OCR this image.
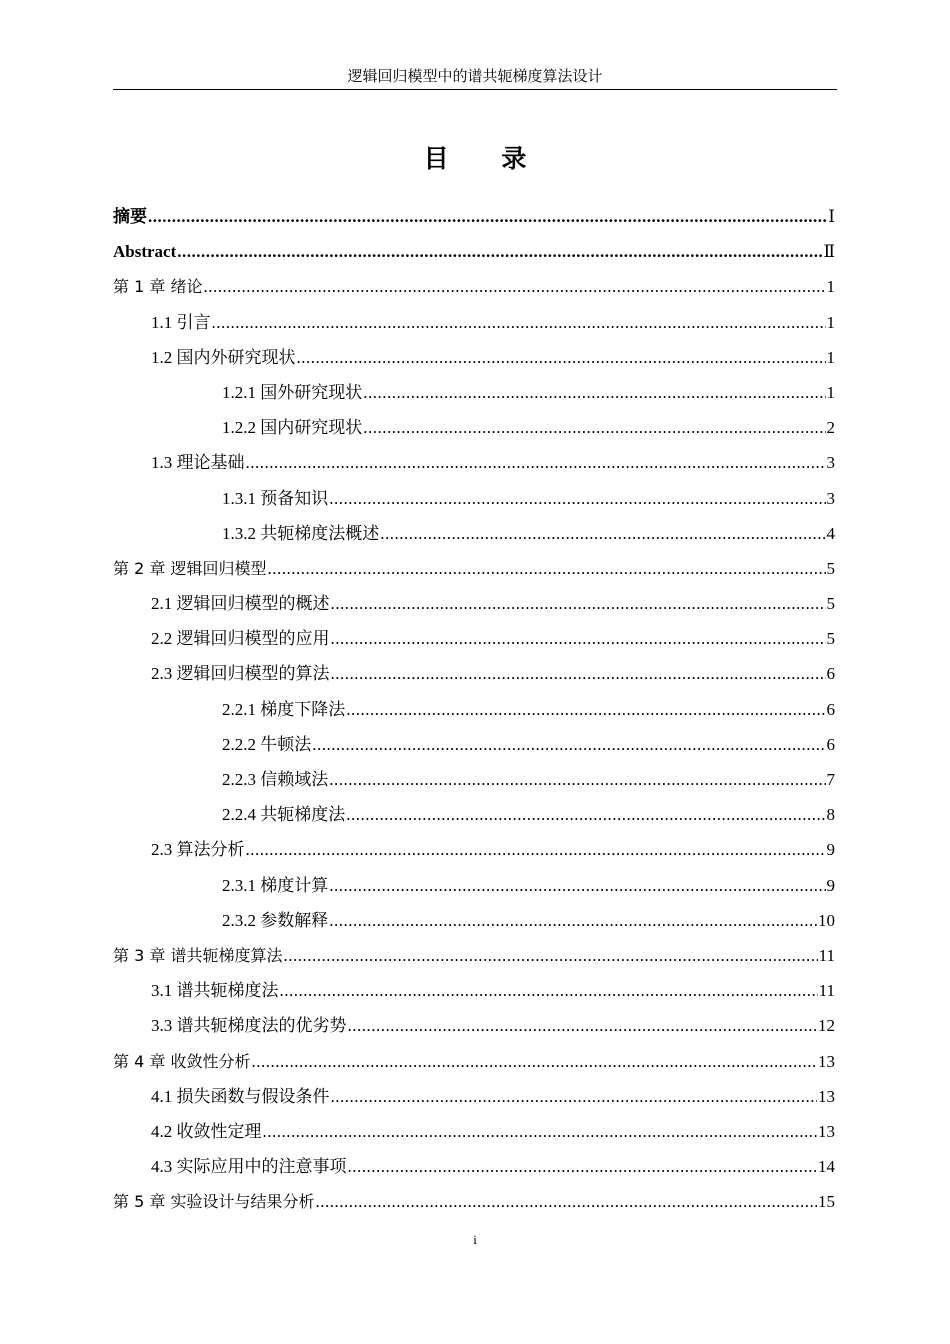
逻辑回归模型中的谱共轭梯度算法设计
目 录
摘要 .....	Ⅰ
Abstract .....	Ⅱ
第 1 章 绪论 .....	1
1.1 引言 .....	1
1.2 国内外研究现状 .....	1
1.2.1 国外研究现状 .....	1
1.2.2 国内研究现状 .....	2
1.3 理论基础 .....	3
1.3.1 预备知识 .....	3
1.3.2 共轭梯度法概述 .....	4
第 2 章 逻辑回归模型 .....	5
2.1 逻辑回归模型的概述 .....	5
2.2 逻辑回归模型的应用 .....	5
2.3 逻辑回归模型的算法 .....	6
2.2.1 梯度下降法 .....	6
2.2.2 牛顿法 .....	6
2.2.3 信赖域法 .....	7
2.2.4 共轭梯度法 .....	8
2.3 算法分析 .....	9
2.3.1 梯度计算 .....	9
2.3.2 参数解释 .....	10
第 3 章 谱共轭梯度算法 .....	11
3.1 谱共轭梯度法 .....	11
3.3 谱共轭梯度法的优劣势 .....	12
第 4 章 收敛性分析 .....	13
4.1 损失函数与假设条件 .....	13
4.2 收敛性定理 .....	13
4.3 实际应用中的注意事项 .....	14
第 5 章 实验设计与结果分析 .....	15
i
